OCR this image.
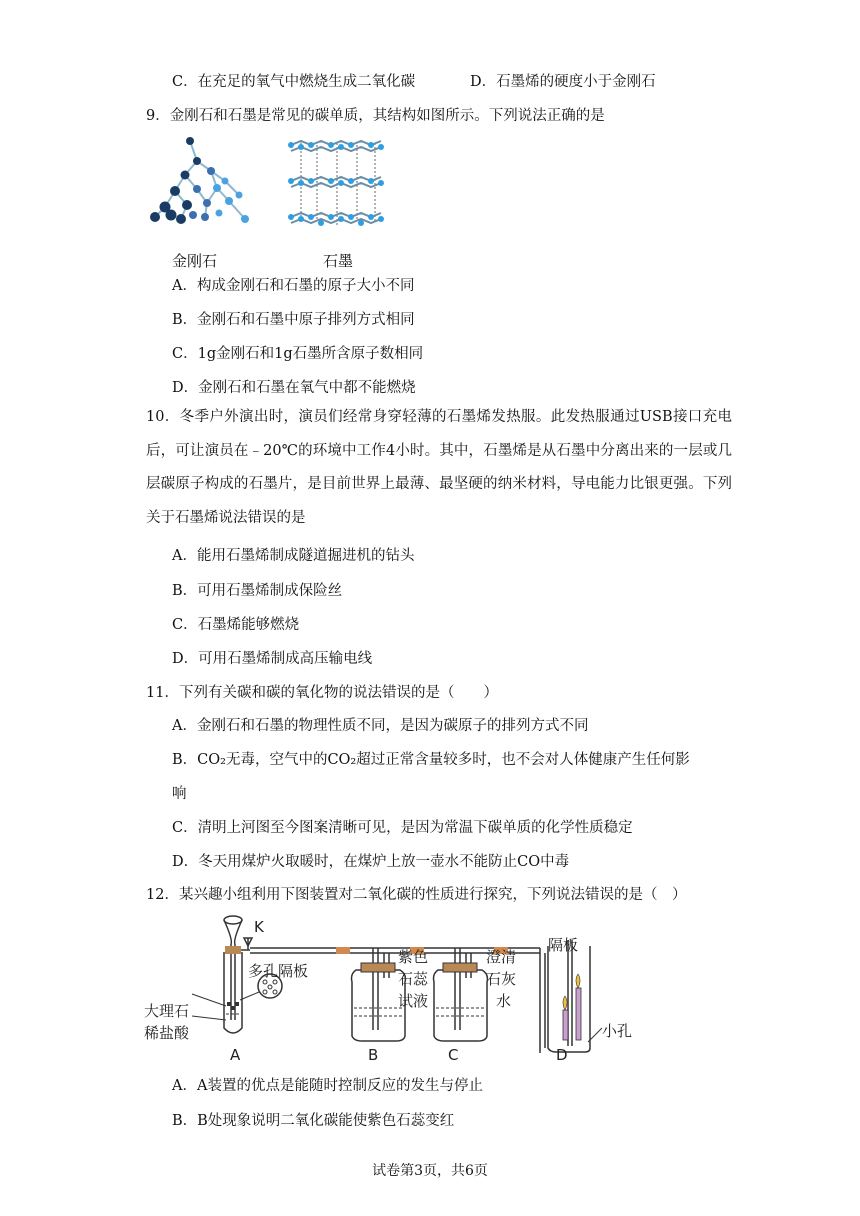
C．在充足的氧气中燃烧生成二氧化碳	D．石墨烯的硬度小于金刚石
9．金刚石和石墨是常见的碳单质，其结构如图所示。下列说法正确的是
金刚石	石墨
A．构成金刚石和石墨的原子大小不同
B．金刚石和石墨中原子排列方式相同
C．1g金刚石和1g石墨所含原子数相同
D．金刚石和石墨在氧气中都不能燃烧
10．冬季户外演出时，演员们经常身穿轻薄的石墨烯发热服。此发热服通过USB接口充电后，可让演员在﹣20℃的环境中工作4小时。其中，石墨烯是从石墨中分离出来的一层或几层碳原子构成的石墨片，是目前世界上最薄、最坚硬的纳米材料，导电能力比银更强。下列关于石墨烯说法错误的是
A．能用石墨烯制成隧道掘进机的钻头
B．可用石墨烯制成保险丝
C．石墨烯能够燃烧
D．可用石墨烯制成高压输电线
11．下列有关碳和碳的氧化物的说法错误的是（　　）
A．金刚石和石墨的物理性质不同，是因为碳原子的排列方式不同
B．CO₂无毒，空气中的CO₂超过正常含量较多时，也不会对人体健康产生任何影
响
C．清明上河图至今图案清晰可见，是因为常温下碳单质的化学性质稳定
D．冬天用煤炉火取暖时，在煤炉上放一壶水不能防止CO中毒
12．某兴趣小组利用下图装置对二氧化碳的性质进行探究，下列说法错误的是（　）
K
多孔隔板
大理石
稀盐酸
紫色
石蕊
试液
澄清
石灰
水
隔板
小孔
A	B	C	D
A．A装置的优点是能随时控制反应的发生与停止
B．B处现象说明二氧化碳能使紫色石蕊变红
试卷第3页，共6页
